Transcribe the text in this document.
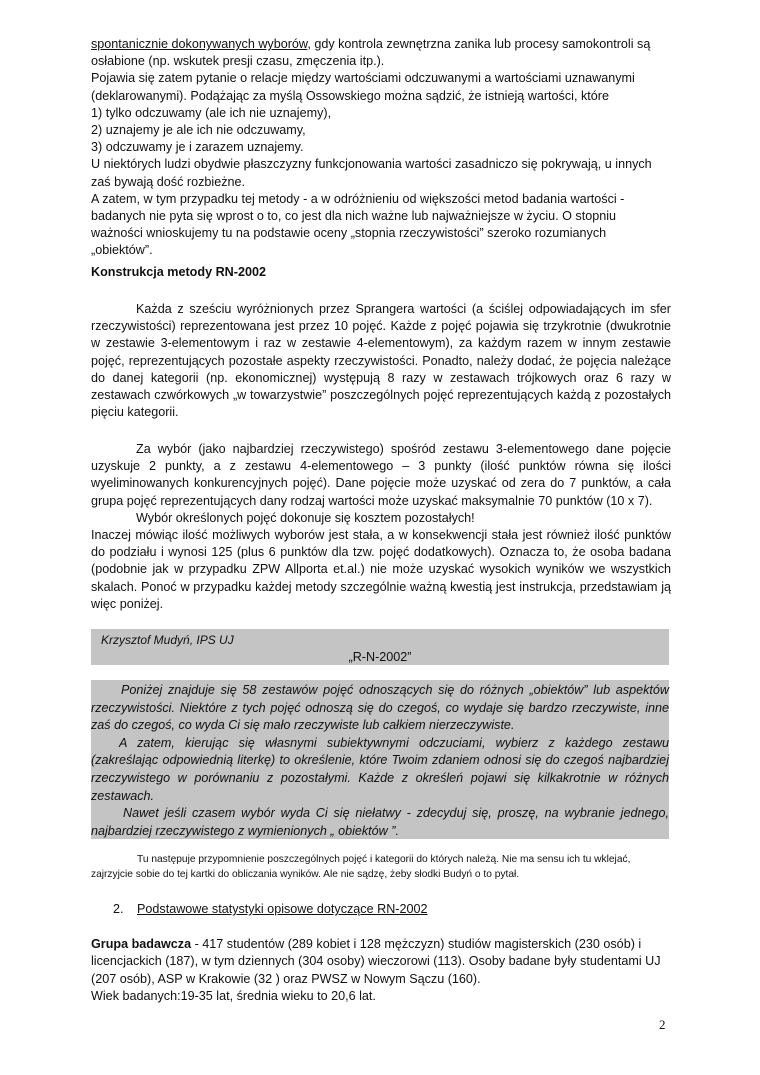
spontanicznie dokonywanych wyborów, gdy kontrola zewnętrzna zanika lub procesy samokontroli są osłabione (np. wskutek presji czasu, zmęczenia itp.).

Pojawia się zatem pytanie o relacje między wartościami odczuwanymi a wartościami uznawanymi (deklarowanymi). Podążając za myślą Ossowskiego można sądzić, że istnieją wartości, które

1) tylko odczuwamy (ale ich nie uznajemy),

2) uznajemy je ale ich nie odczuwamy,

3) odczuwamy je i zarazem uznajemy.

U niektórych ludzi obydwie płaszczyzny funkcjonowania wartości zasadniczo się pokrywają, u innych zaś bywają dość rozbieżne.

A zatem, w tym przypadku tej metody - a w odróżnieniu od większości metod badania wartości - badanych nie pyta się wprost o to, co jest dla nich ważne lub najważniejsze w życiu. O stopniu ważności wnioskujemy tu na podstawie oceny „stopnia rzeczywistości” szeroko rozumianych „obiektów”.

Konstrukcja metody RN-2002

Każda z sześciu wyróżnionych przez Sprangera wartości (a ściślej odpowiadających im sfer rzeczywistości) reprezentowana jest przez 10 pojęć. Każde z pojęć pojawia się trzykrotnie (dwukrotnie w zestawie 3-elementowym i raz w zestawie 4-elementowym), za każdym razem w innym zestawie pojęć, reprezentujących pozostałe aspekty rzeczywistości. Ponadto, należy dodać, że pojęcia należące do danej kategorii (np. ekonomicznej) występują 8 razy w zestawach trójkowych oraz 6 razy w zestawach czwórkowych „w towarzystwie” poszczególnych pojęć reprezentujących każdą z pozostałych pięciu kategorii.

Za wybór (jako najbardziej rzeczywistego) spośród zestawu 3-elementowego dane pojęcie uzyskuje 2 punkty, a z zestawu 4-elementowego – 3 punkty (ilość punktów równa się ilości wyeliminowanych konkurencyjnych pojęć). Dane pojęcie może uzyskać od zera do 7 punktów, a cała grupa pojęć reprezentujących dany rodzaj wartości może uzyskać maksymalnie 70 punktów (10 x 7).

Wybór określonych pojęć dokonuje się kosztem pozostałych!

Inaczej mówiąc ilość możliwych wyborów jest stała, a w konsekwencji stała jest również ilość punktów do podziału i wynosi 125 (plus 6 punktów dla tzw. pojęć dodatkowych). Oznacza to, że osoba badana (podobnie jak w przypadku ZPW Allporta et.al.) nie może uzyskać wysokich wyników we wszystkich skalach. Ponoć w przypadku każdej metody szczególnie ważną kwestią jest instrukcja, przedstawiam ją więc poniżej.

Krzysztof Mudyń, IPS UJ
„R-N-2002”

Poniżej znajduje się 58 zestawów pojęć odnoszących się do różnych „obiektów” lub aspektów rzeczywistości. Niektóre z tych pojęć odnoszą się do czegoś, co wydaje się bardzo rzeczywiste, inne zaś do czegoś, co wyda Ci się mało rzeczywiste lub całkiem nierzeczywiste.

A zatem, kierując się własnymi subiektywnymi odczuciami, wybierz z każdego zestawu (zakreślając odpowiednią literkę) to określenie, które Twoim zdaniem odnosi się do czegoś najbardziej rzeczywistego w porównaniu z pozostałymi. Każde z określeń pojawi się kilkakrotnie w różnych zestawach.

Nawet jeśli czasem wybór wyda Ci się niełatwy - zdecyduj się, proszę, na wybranie jednego, najbardziej rzeczywistego z wymienionych „ obiektów ”.

Tu następuje przypomnienie poszczególnych pojęć i kategorii do których należą. Nie ma sensu ich tu wklejać,

zajrzyjcie sobie do tej kartki do obliczania wyników. Ale nie sądzę, żeby słodki Budyń o to pytał.

2. Podstawowe statystyki opisowe dotyczące RN-2002

Grupa badawcza - 417 studentów (289 kobiet i 128 mężczyzn) studiów magisterskich (230 osób) i licencjackich (187), w tym dziennych (304 osoby) wieczorowi (113). Osoby badane były studentami UJ (207 osób), ASP w Krakowie (32 ) oraz PWSZ w Nowym Sączu (160).

Wiek badanych:19-35 lat, średnia wieku to 20,6 lat.

2
